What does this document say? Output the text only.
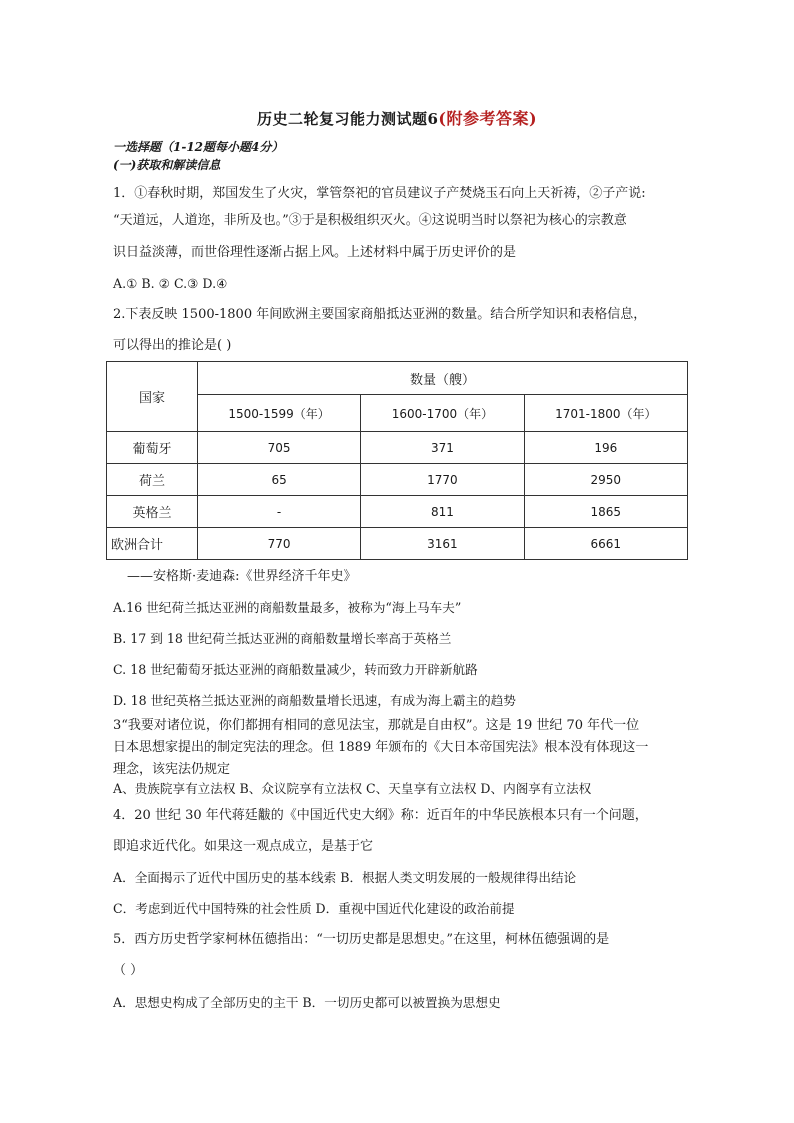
历史二轮复习能力测试题6(附参考答案)
一选择题（1-12题每小题4分）
(一)获取和解读信息
1．①春秋时期，郑国发生了火灾，掌管祭祀的官员建议子产焚烧玉石向上天祈祷，②子产说:
“天道远，人道迩，非所及也。”③于是积极组织灭火。④这说明当时以祭祀为核心的宗教意
识日益淡薄，而世俗理性逐渐占据上风。上述材料中属于历史评价的是
A.① B. ② C.③ D.④
2.下表反映 1500-1800 年间欧洲主要国家商船抵达亚洲的数量。结合所学知识和表格信息，
可以得出的推论是( )
国家	数量（艘）		
	1500-1599（年）	1600-1700（年）	1701-1800（年）
葡萄牙	705	371	196
荷兰	65	1770	2950
英格兰	-	811	1865
欧洲合计	770	3161	6661
——安格斯·麦迪森:《世界经济千年史》
A.16 世纪荷兰抵达亚洲的商船数量最多，被称为“海上马车夫”
B. 17 到 18 世纪荷兰抵达亚洲的商船数量增长率高于英格兰
C. 18 世纪葡萄牙抵达亚洲的商船数量减少，转而致力开辟新航路
D. 18 世纪英格兰抵达亚洲的商船数量增长迅速，有成为海上霸主的趋势
3“我要对诸位说，你们都拥有相同的意见法宝，那就是自由权”。这是 19 世纪 70 年代一位
日本思想家提出的制定宪法的理念。但 1889 年颁布的《大日本帝国宪法》根本没有体现这一
理念，该宪法仍规定
A、贵族院享有立法权 B、众议院享有立法权 C、天皇享有立法权 D、内阁享有立法权
4．20 世纪 30 年代蒋廷黻的《中国近代史大纲》称：近百年的中华民族根本只有一个问题，
即追求近代化。如果这一观点成立，是基于它
A．全面揭示了近代中国历史的基本线索 B．根据人类文明发展的一般规律得出结论
C．考虑到近代中国特殊的社会性质 D．重视中国近代化建设的政治前提
5．西方历史哲学家柯林伍德指出：“一切历史都是思想史。”在这里，柯林伍德强调的是
（ ）
A．思想史构成了全部历史的主干 B．一切历史都可以被置换为思想史
